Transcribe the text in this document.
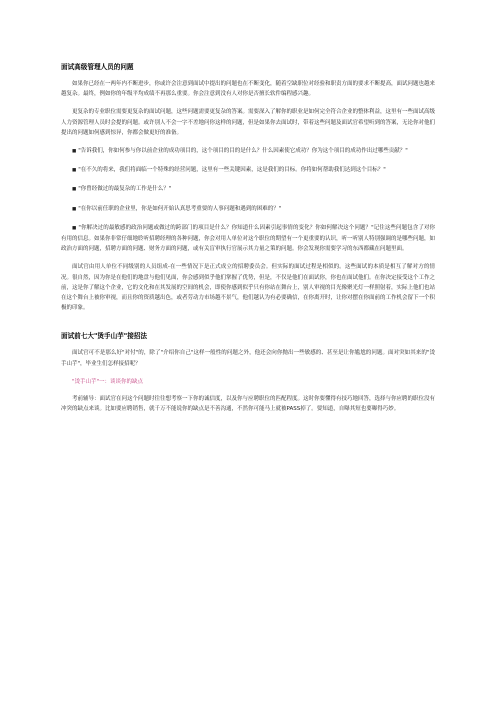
面试高级管理人员的问题

如果你已经在一两年内不断进步，你或许会注意到面试中提出的问题也在不断变化，随着空缺职位对经验和职责方面的要求不断提高，面试问题也越来越复杂。最终，例如你的年级平均成绩不再那么重要。你会注意到没有人对你是否擅长软件编程感兴趣。

更复杂的专业职位需要更复杂的面试问题，这些问题需要更复杂的答案。需要深入了解你的职业是如何完全符合企业的整体利益，这里有一些面试高级人力资源管理人员时会提的问题。或许别人不会一字不差地问你这样的问题，但是如果你去面试时，带着这些问题及面试官希望听到的答案，无论你对他们提出的问题如何感到惊异，你都会做更好的准备。

■ "告诉我们，你如何参与你以前企业的成功项目的，这个项目的目的是什么？什么因素使它成功？你为这个项目的成功作出过哪些贡献？"

■ "在不久的将来，我们将面临一个特殊的经营问题，这里有一些关键因素，这是我们的目标。你将如何帮助我们达到这个目标？"

■ "你曾经做过的最复杂的工作是什么？"

■ "在你以前任职的企业里，你是如何开始认真思考重要的人事问题和遇到的困难的？"

■ "你解决过的最敏感的政治问题或做过的跨部门的项目是什么？你知道什么因素引起事情的变化？你如何解决这个问题？"记住这些问题包含了对你有用的信息。如果你非常仔细地聆听招聘经理的各种问题，你会对用人单位对这个职位的期望有一个更重要的认识，听一听别人特别强调的是哪些问题，如政治方面的问题，招聘方面的问题、财务方面的问题，或有关盲审执行官展示其力量之策的问题。你会发现你需要学习的东西都藏在问题里面。

面试官由用人单位不同级别的人员组成-在一些情况下是正式成立的招聘委员会。但实际的面试过程是相似的。这些面试的本质是相互了解对方的情况。很自然，因为你是在他们的地盘与他们见面，你会感到似乎他们掌握了优势，但是，不仅是他们在面试你，你也在面试他们。在你决定接受这个工作之前，这是你了解这个企业，它的文化和在其发展的空间的机会，即使你感到似乎只有你站在舞台上，别人审视的目光像聚光灯一样照射着，实际上他们也站在这个舞台上被你审视，而且你的资质越出色，或者劳动力市场越不景气，他们越认为有必要确信，在你离开时，让你对摆在你面前的工作机会留下一个积极的印象。

面试前七大"烫手山芋"接招法

面试官可不是那么好"对付"的，除了"介绍你自己"这样一般性的问题之外，他还会向你抛出一些敏感的、甚至是让你尴尬的问题。面对突如其来的"烫手山芋"，毕业生们怎样接招呢？

"烫手山芋"一：谈谈你的缺点

考前辅导：面试官在问这个问题时往往想考察一下你的诚信度，以及你与应聘职位的匹配程度。这时你要懂得有技巧地回答，选择与你应聘的职位没有冲突的缺点来谈。比如要应聘销售，就千万不能说你的缺点是不善沟通，不然你可能马上就被PASS掉了。要知道，自曝其短也要曝得巧妙。
